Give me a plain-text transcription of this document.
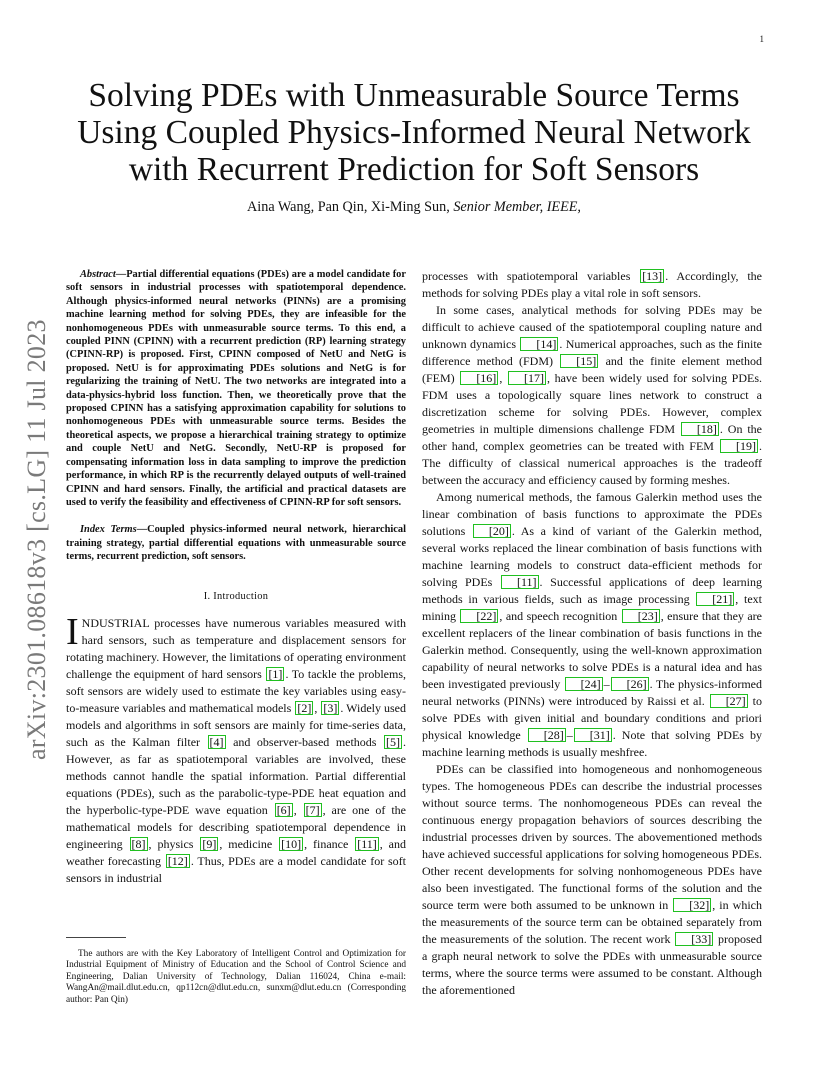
1
arXiv:2301.08618v3 [cs.LG] 11 Jul 2023
Solving PDEs with Unmeasurable Source Terms Using Coupled Physics-Informed Neural Network with Recurrent Prediction for Soft Sensors
Aina Wang, Pan Qin, Xi-Ming Sun, Senior Member, IEEE,

Abstract—Partial differential equations (PDEs) are a model candidate for soft sensors in industrial processes with spatiotemporal dependence. Although physics-informed neural networks (PINNs) are a promising machine learning method for solving PDEs, they are infeasible for the nonhomogeneous PDEs with unmeasurable source terms. To this end, a coupled PINN (CPINN) with a recurrent prediction (RP) learning strategy (CPINN-RP) is proposed. First, CPINN composed of NetU and NetG is proposed. NetU is for approximating PDEs solutions and NetG is for regularizing the training of NetU. The two networks are integrated into a data-physics-hybrid loss function. Then, we theoretically prove that the proposed CPINN has a satisfying approximation capability for solutions to nonhomogeneous PDEs with unmeasurable source terms. Besides the theoretical aspects, we propose a hierarchical training strategy to optimize and couple NetU and NetG. Secondly, NetU-RP is proposed for compensating information loss in data sampling to improve the prediction performance, in which RP is the recurrently delayed outputs of well-trained CPINN and hard sensors. Finally, the artificial and practical datasets are used to verify the feasibility and effectiveness of CPINN-RP for soft sensors.

Index Terms—Coupled physics-informed neural network, hierarchical training strategy, partial differential equations with unmeasurable source terms, recurrent prediction, soft sensors.

I. Introduction

INDUSTRIAL processes have numerous variables measured with hard sensors, such as temperature and displacement sensors for rotating machinery. However, the limitations of operating environment challenge the equipment of hard sensors [1] . To tackle the problems, soft sensors are widely used to estimate the key variables using easy-to-measure variables and mathematical models [2] , [3] . Widely used models and algorithms in soft sensors are mainly for time-series data, such as the Kalman filter [4] and observer-based methods [5] . However, as far as spatiotemporal variables are involved, these methods cannot handle the spatial information. Partial differential equations (PDEs), such as the parabolic-type-PDE heat equation and the hyperbolic-type-PDE wave equation [6] , [7] , are one of the mathematical models for describing spatiotemporal dependence in engineering [8] , physics [9] , medicine [10] , finance [11] , and weather forecasting [12] . Thus, PDEs are a model candidate for soft sensors in industrial

The authors are with the Key Laboratory of Intelligent Control and Optimization for Industrial Equipment of Ministry of Education and the School of Control Science and Engineering, Dalian University of Technology, Dalian 116024, China e-mail: WangAn@mail.dlut.edu.cn, qp112cn@dlut.edu.cn, sunxm@dlut.edu.cn (Corresponding author: Pan Qin)

processes with spatiotemporal variables [13] . Accordingly, the methods for solving PDEs play a vital role in soft sensors.

In some cases, analytical methods for solving PDEs may be difficult to achieve caused of the spatiotemporal coupling nature and unknown dynamics [14] . Numerical approaches, such as the finite difference method (FDM) [15] and the finite element method (FEM) [16] , [17] , have been widely used for solving PDEs. FDM uses a topologically square lines network to construct a discretization scheme for solving PDEs. However, complex geometries in multiple dimensions challenge FDM [18] . On the other hand, complex geometries can be treated with FEM [19] . The difficulty of classical numerical approaches is the tradeoff between the accuracy and efficiency caused by forming meshes.

Among numerical methods, the famous Galerkin method uses the linear combination of basis functions to approximate the PDEs solutions [20] . As a kind of variant of the Galerkin method, several works replaced the linear combination of basis functions with machine learning models to construct data-efficient methods for solving PDEs [11] . Successful applications of deep learning methods in various fields, such as image processing [21] , text mining [22] , and speech recognition [23] , ensure that they are excellent replacers of the linear combination of basis functions in the Galerkin method. Consequently, using the well-known approximation capability of neural networks to solve PDEs is a natural idea and has been investigated previously [24] – [26] . The physics-informed neural networks (PINNs) were introduced by Raissi et al. [27] to solve PDEs with given initial and boundary conditions and priori physical knowledge [28] – [31] . Note that solving PDEs by machine learning methods is usually meshfree.

PDEs can be classified into homogeneous and nonhomogeneous types. The homogeneous PDEs can describe the industrial processes without source terms. The nonhomogeneous PDEs can reveal the continuous energy propagation behaviors of sources describing the industrial processes driven by sources. The abovementioned methods have achieved successful applications for solving homogeneous PDEs. Other recent developments for solving nonhomogeneous PDEs have also been investigated. The functional forms of the solution and the source term were both assumed to be unknown in [32] , in which the measurements of the source term can be obtained separately from the measurements of the solution. The recent work [33] proposed a graph neural network to solve the PDEs with unmeasurable source terms, where the source terms were assumed to be constant. Although the aforementioned
